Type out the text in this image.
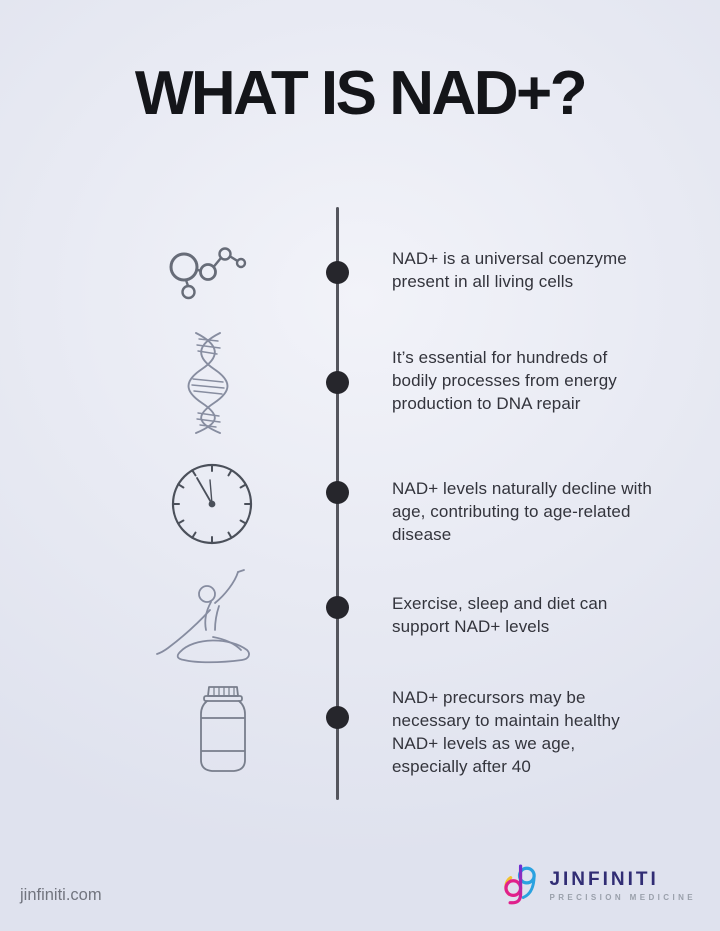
WHAT IS NAD+?

NAD+ is a universal coenzyme present in all living cells

It’s essential for hundreds of bodily processes from energy production to DNA repair

NAD+ levels naturally decline with age, contributing to age-related disease

Exercise, sleep and diet can support NAD+ levels

NAD+ precursors may be necessary to maintain healthy NAD+ levels as we age, especially after 40

jinfiniti.com

JINFINITI
PRECISION MEDICINE
